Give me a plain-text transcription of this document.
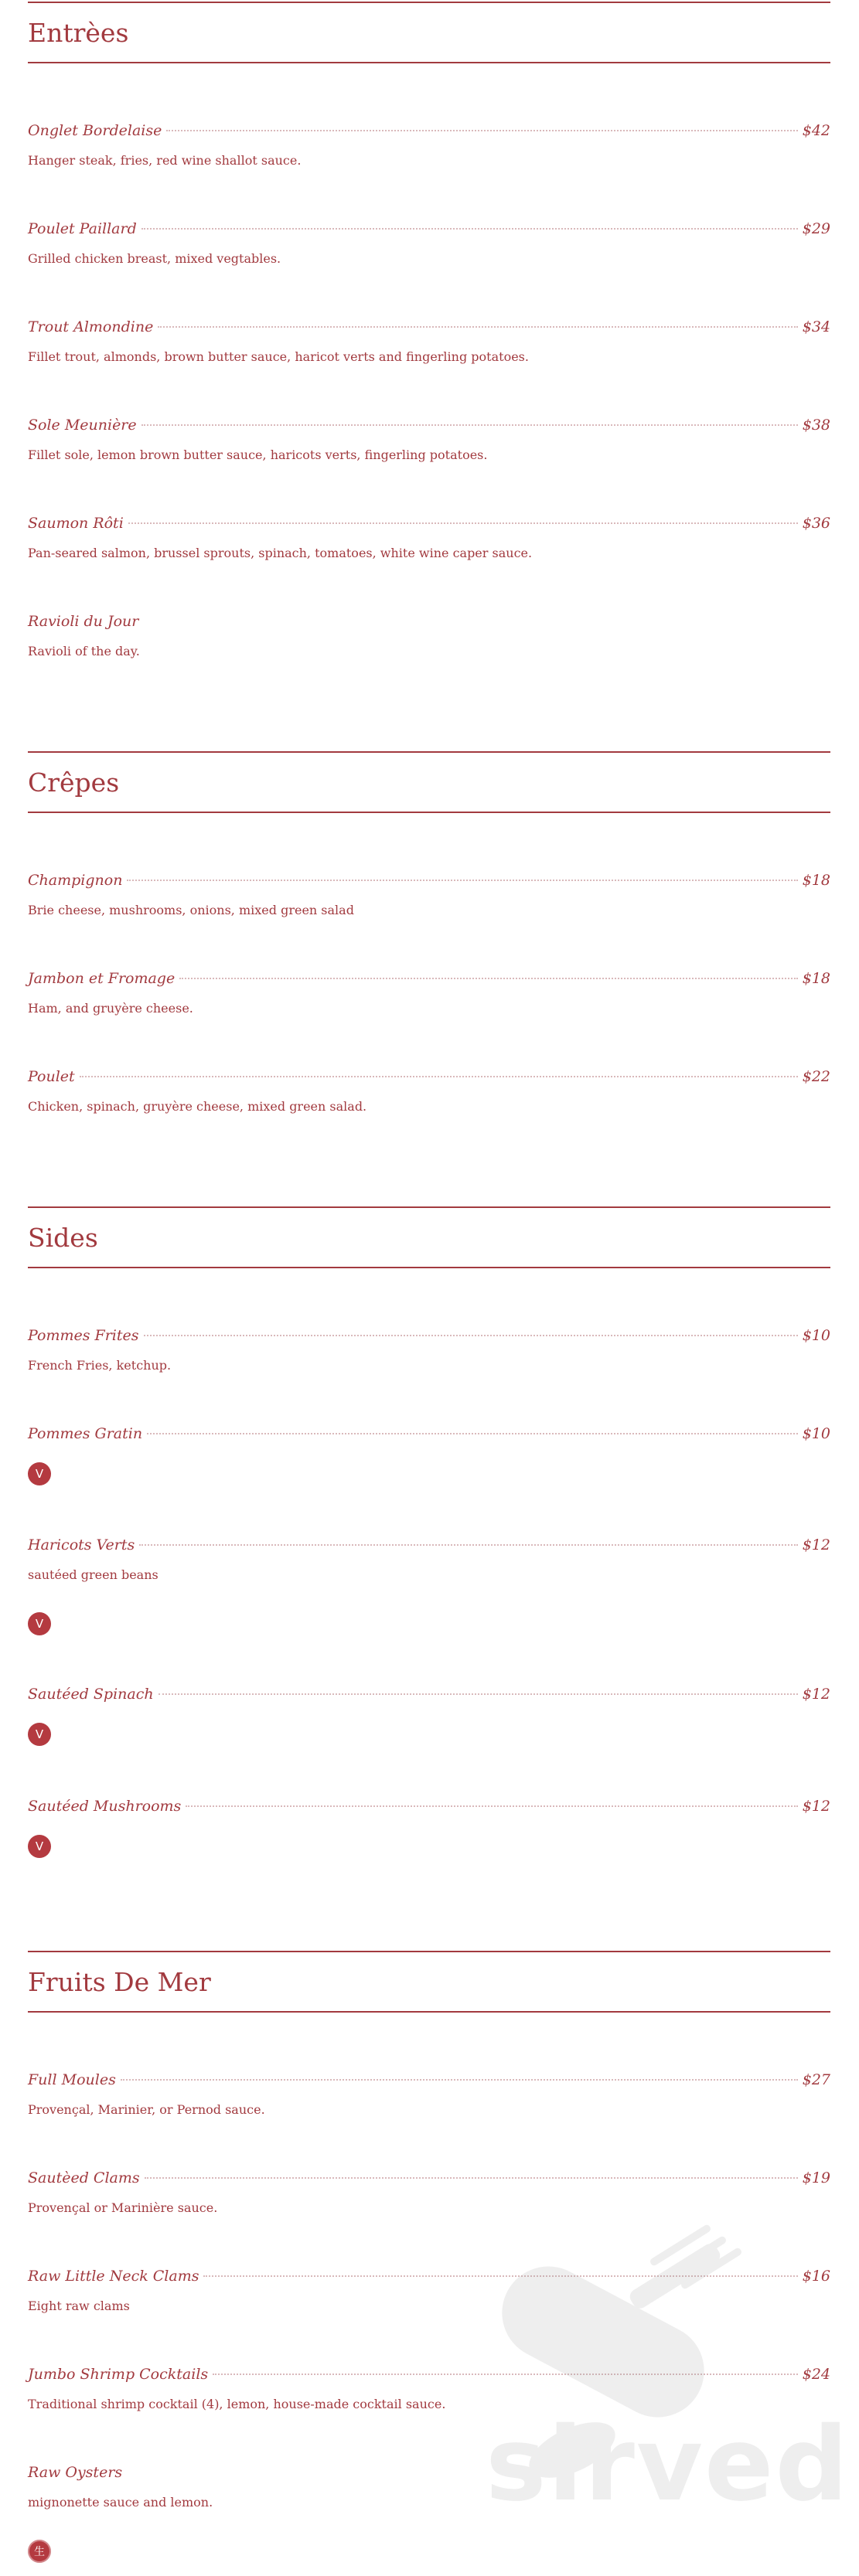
Entrèes
Onglet Bordelaise	$42
Hanger steak, fries, red wine shallot sauce.
Poulet Paillard	$29
Grilled chicken breast, mixed vegtables.
Trout Almondine	$34
Fillet trout, almonds, brown butter sauce, haricot verts and fingerling potatoes.
Sole Meunière	$38
Fillet sole, lemon brown butter sauce, haricots verts, fingerling potatoes.
Saumon Rôti	$36
Pan-seared salmon, brussel sprouts, spinach, tomatoes, white wine caper sauce.
Ravioli du Jour
Ravioli of the day.
Crêpes
Champignon	$18
Brie cheese, mushrooms, onions, mixed green salad
Jambon et Fromage	$18
Ham, and gruyère cheese.
Poulet	$22
Chicken, spinach, gruyère cheese, mixed green salad.
Sides
Pommes Frites	$10
French Fries, ketchup.
Pommes Gratin	$10
V
Haricots Verts	$12
sautéed green beans
V
Sautéed Spinach	$12
V
Sautéed Mushrooms	$12
V
Fruits De Mer
Full Moules	$27
Provençal, Marinier, or Pernod sauce.
Sautèed Clams	$19
Provençal or Marinière sauce.
Raw Little Neck Clams	$16
Eight raw clams
Jumbo Shrimp Cocktails	$24
Traditional shrimp cocktail (4), lemon, house-made cocktail sauce.
Raw Oysters
mignonette sauce and lemon.
生
sirved
